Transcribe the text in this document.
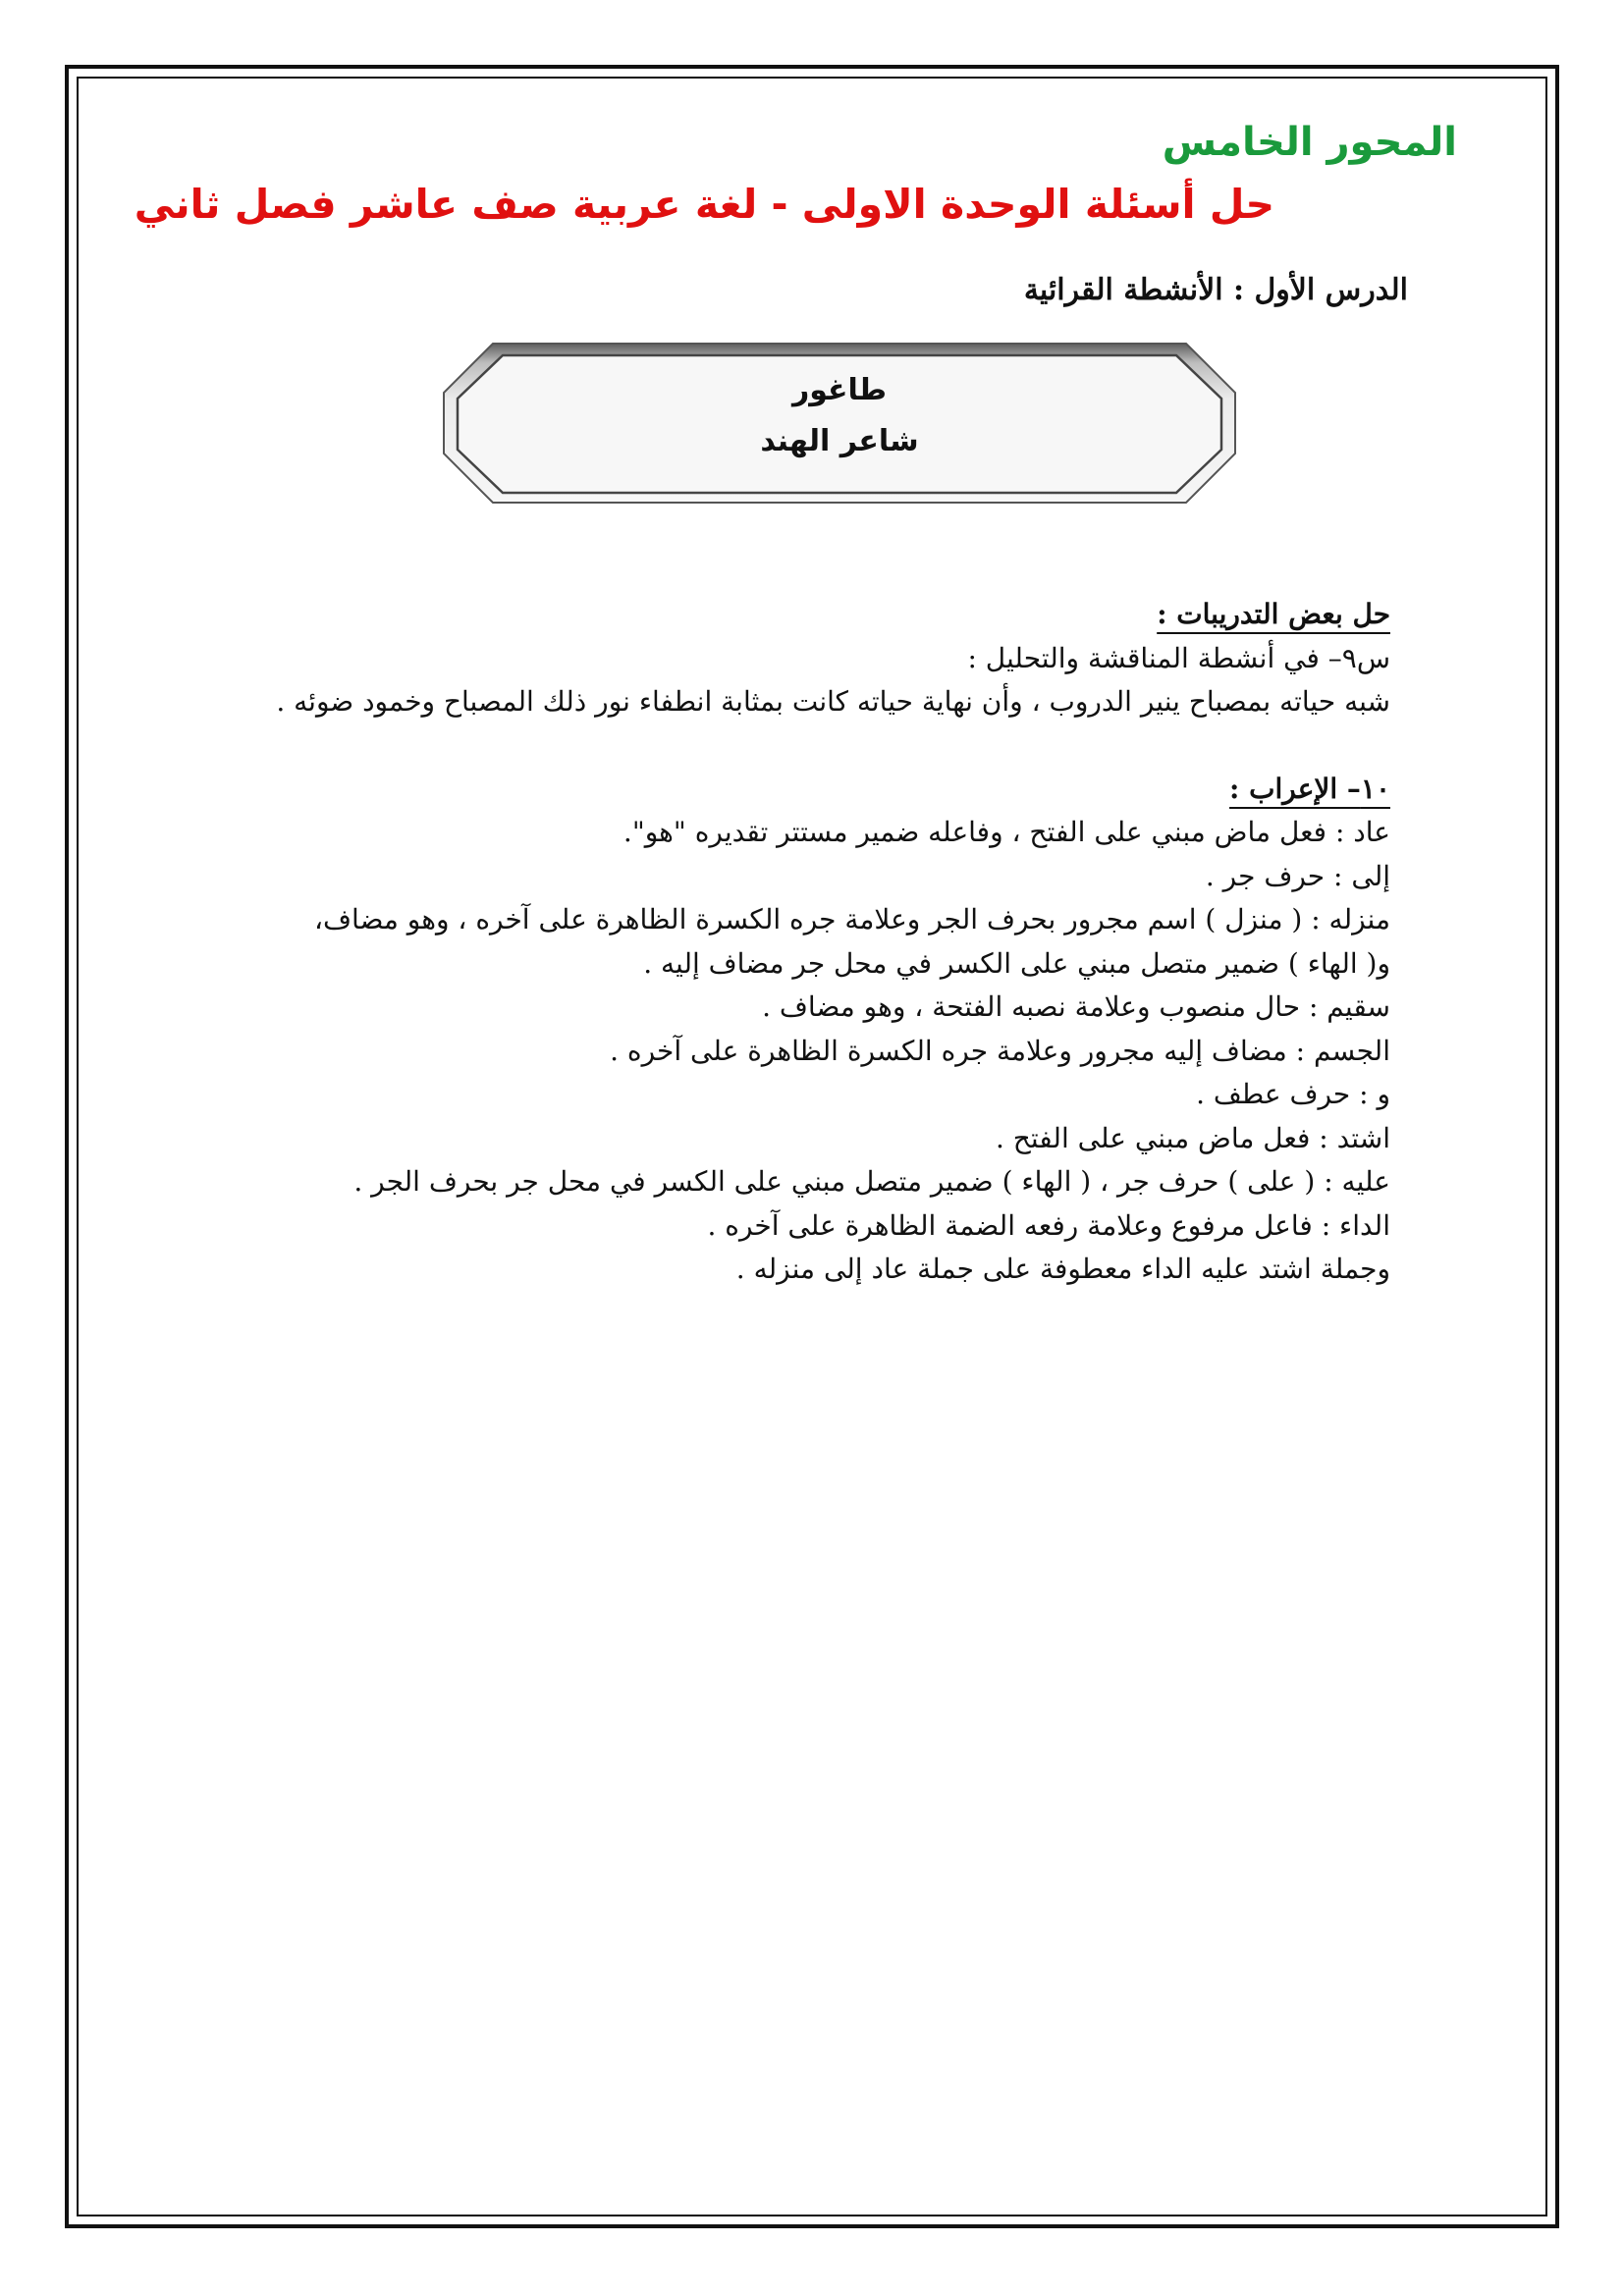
المحور الخامس
حل أسئلة الوحدة الاولى - لغة عربية صف عاشر فصل ثاني
الدرس الأول : الأنشطة القرائية
طاغور
شاعر الهند

حل بعض التدريبات :

س٩– في أنشطة المناقشة والتحليل :

شبه حياته بمصباح ينير الدروب ، وأن نهاية حياته كانت بمثابة انطفاء نور ذلك المصباح وخمود ضوئه .

١٠– الإعراب :

عاد : فعل ماض مبني على الفتح ، وفاعله ضمير مستتر تقديره "هو".

إلى : حرف جر .

منزله : ( منزل ) اسم مجرور بحرف الجر وعلامة جره الكسرة الظاهرة على آخره ، وهو مضاف،

و( الهاء ) ضمير متصل مبني على الكسر في محل جر مضاف إليه .

سقيم : حال منصوب وعلامة نصبه الفتحة ، وهو مضاف .

الجسم : مضاف إليه مجرور وعلامة جره الكسرة الظاهرة على آخره .

و : حرف عطف .

اشتد : فعل ماض مبني على الفتح .

عليه : ( على ) حرف جر ، ( الهاء ) ضمير متصل مبني على الكسر في محل جر بحرف الجر .

الداء : فاعل مرفوع وعلامة رفعه الضمة الظاهرة على آخره .

وجملة اشتد عليه الداء معطوفة على جملة عاد إلى منزله .
